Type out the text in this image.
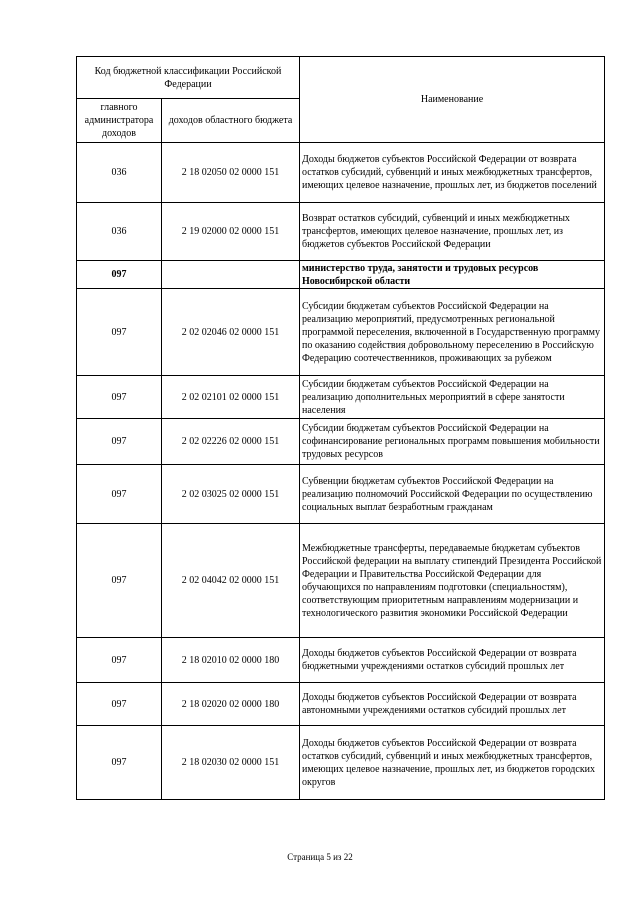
Код бюджетной классификации Российской Федерации		Наименование
главного администратора доходов	доходов областного бюджета	
036	2 18 02050 02 0000 151	Доходы бюджетов субъектов Российской Федерации от возврата остатков субсидий, субвенций и иных межбюджетных трансфертов, имеющих целевое назначение, прошлых лет, из бюджетов поселений
036	2 19 02000 02 0000 151	Возврат остатков субсидий, субвенций и иных межбюджетных трансфертов, имеющих целевое назначение, прошлых лет, из бюджетов субъектов Российской Федерации
097		министерство труда, занятости и трудовых ресурсов Новосибирской области
097	2 02 02046 02 0000 151	Субсидии бюджетам субъектов Российской Федерации на реализацию мероприятий, предусмотренных региональной программой переселения, включенной в Государственную программу по оказанию содействия добровольному переселению в Российскую Федерацию соотечественников, проживающих за рубежом
097	2 02 02101 02 0000 151	Субсидии бюджетам субъектов Российской Федерации на реализацию дополнительных мероприятий в сфере занятости населения
097	2 02 02226 02 0000 151	Субсидии бюджетам субъектов Российской Федерации на софинансирование региональных программ повышения мобильности трудовых ресурсов
097	2 02 03025 02 0000 151	Субвенции бюджетам субъектов Российской Федерации на реализацию полномочий Российской Федерации по осуществлению социальных выплат безработным гражданам
097	2 02 04042 02 0000 151	Межбюджетные трансферты, передаваемые бюджетам субъектов Российской федерации на выплату стипендий Президента Российской Федерации и Правительства Российской Федерации для обучающихся по направлениям подготовки (специальностям), соответствующим приоритетным направлениям модернизации и технологического развития экономики Российской Федерации
097	2 18 02010 02 0000 180	Доходы бюджетов субъектов Российской Федерации от возврата бюджетными учреждениями остатков субсидий прошлых лет
097	2 18 02020 02 0000 180	Доходы бюджетов субъектов Российской Федерации от возврата автономными учреждениями остатков субсидий прошлых лет
097	2 18 02030 02 0000 151	Доходы бюджетов субъектов Российской Федерации от возврата остатков субсидий, субвенций и иных межбюджетных трансфертов, имеющих целевое назначение, прошлых лет, из бюджетов городских округов
Страница 5 из 22
